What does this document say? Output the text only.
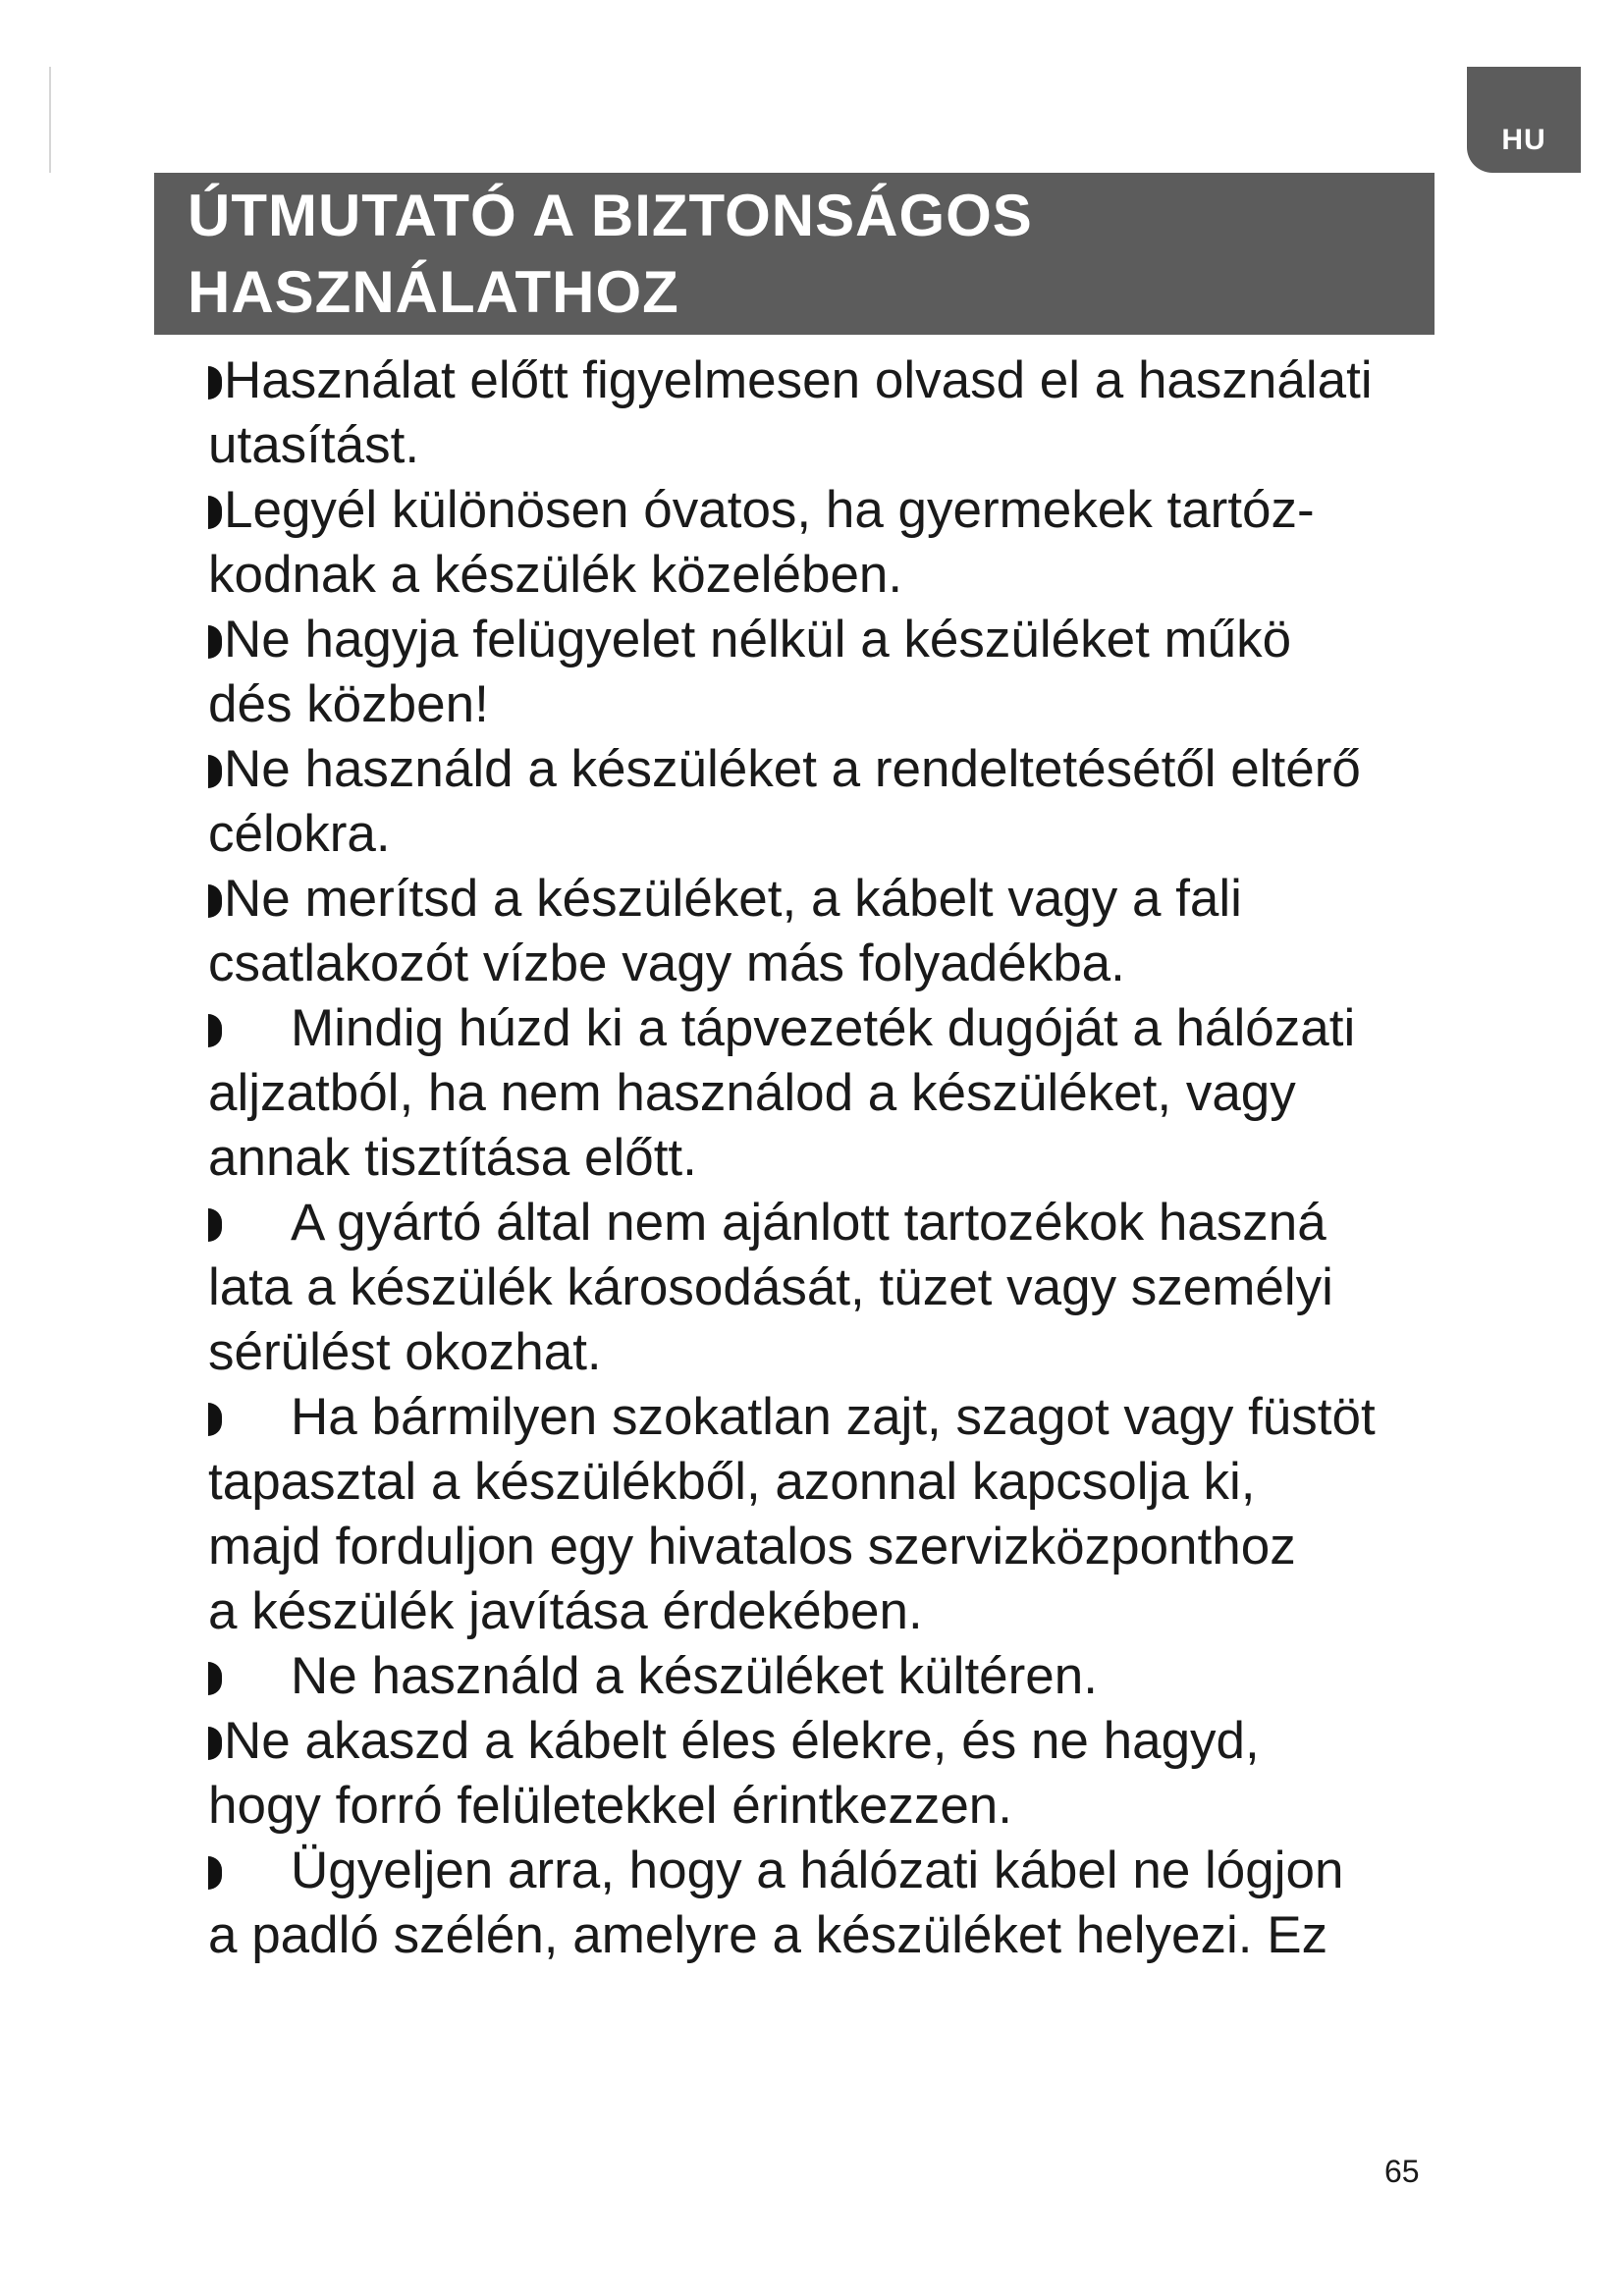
HU
ÚTMUTATÓ A BIZTONSÁGOS
HASZNÁLATHOZ
Használat előtt figyelmesen olvasd el a használati
utasítást.
Legyél különösen óvatos, ha gyermekek tartóz-
kodnak a készülék közelében.
Ne hagyja felügyelet nélkül a készüléket műkö
dés közben!
Ne használd a készüléket a rendeltetésétől eltérő
célokra.
Ne merítsd a készüléket, a kábelt vagy a fali
csatlakozót vízbe vagy más folyadékba.
Mindig húzd ki a tápvezeték dugóját a hálózati
aljzatból, ha nem használod a készüléket, vagy
annak tisztítása előtt.
A gyártó által nem ajánlott tartozékok haszná
lata a készülék károsodását, tüzet vagy személyi
sérülést okozhat.
Ha bármilyen szokatlan zajt, szagot vagy füstöt
tapasztal a készülékből, azonnal kapcsolja ki,
majd forduljon egy hivatalos szervizközponthoz
a készülék javítása érdekében.
Ne használd a készüléket kültéren.
Ne akaszd a kábelt éles élekre, és ne hagyd,
hogy forró felületekkel érintkezzen.
Ügyeljen arra, hogy a hálózati kábel ne lógjon
a padló szélén, amelyre a készüléket helyezi. Ez
65
